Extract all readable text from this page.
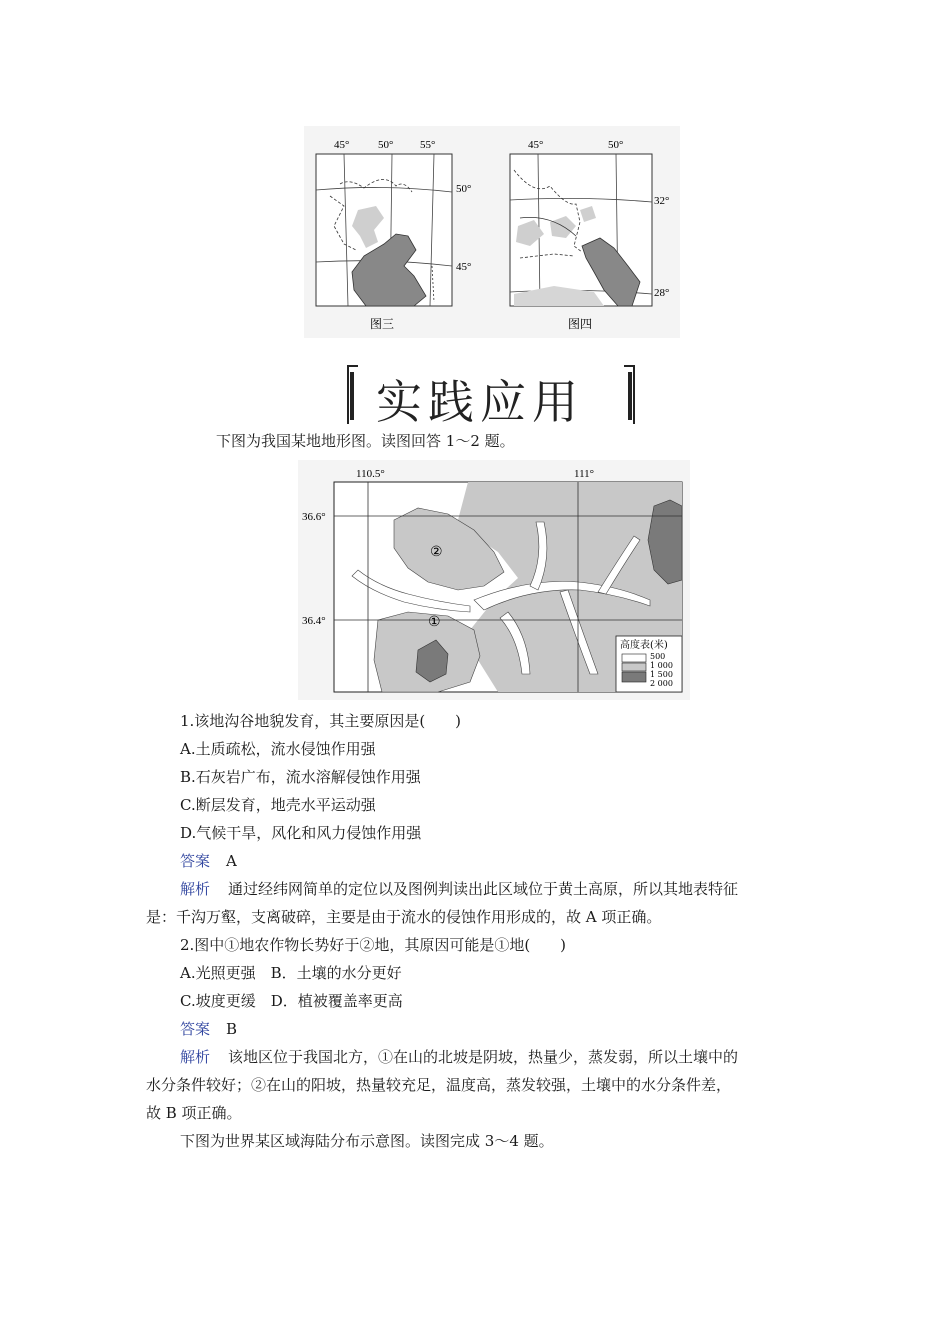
45°	50° 55°
50°
45°
图三
45°	50°
32°
28°
图四
实践应用
下图为我国某地地形图。读图回答 1～2 题。
110.5°	111°
36.6°
36.4°
②
①
高度表(米)
500
1 000
1 500
2 000
1.该地沟谷地貌发育，其主要原因是(　　)
A.土质疏松，流水侵蚀作用强
B.石灰岩广布，流水溶解侵蚀作用强
C.断层发育，地壳水平运动强
D.气候干旱，风化和风力侵蚀作用强
答案 A
解析 通过经纬网简单的定位以及图例判读出此区域位于黄土高原，所以其地表特征
是：千沟万壑，支离破碎，主要是由于流水的侵蚀作用形成的，故 A 项正确。
2.图中①地农作物长势好于②地，其原因可能是①地(　　)
A.光照更强　B．土壤的水分更好
C.坡度更缓　D．植被覆盖率更高
答案 B
解析 该地区位于我国北方，①在山的北坡是阴坡，热量少，蒸发弱，所以土壤中的
水分条件较好；②在山的阳坡，热量较充足，温度高，蒸发较强，土壤中的水分条件差，
故 B 项正确。
下图为世界某区域海陆分布示意图。读图完成 3～4 题。
